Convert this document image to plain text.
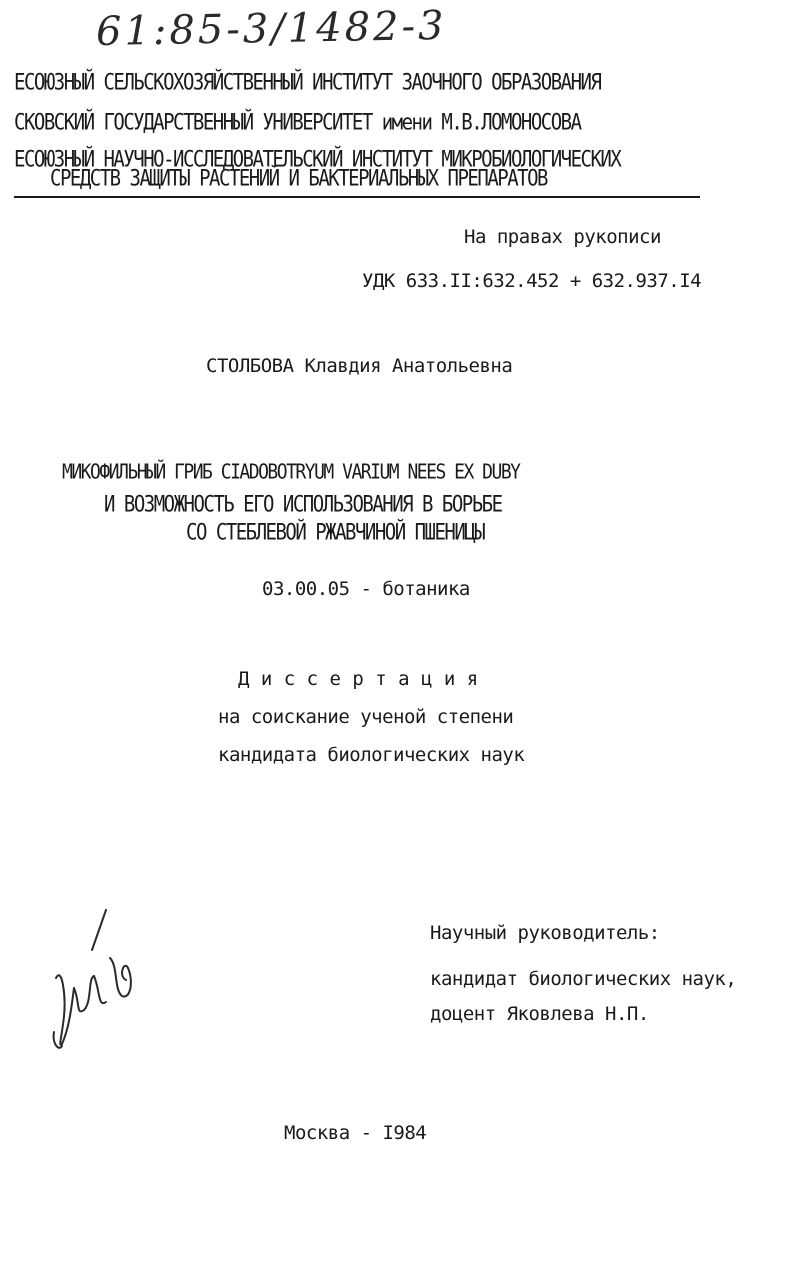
61:85-3/1482-3
ЕСОЮЗНЫЙ СЕЛЬСКОХОЗЯЙСТВЕННЫЙ ИНСТИТУТ ЗАОЧНОГО ОБРАЗОВАНИЯ
СКОВСКИЙ ГОСУДАРСТВЕННЫЙ УНИВЕРСИТЕТ имени М.В.ЛОМОНОСОВА
ЕСОЮЗНЫЙ НАУЧНО-ИССЛЕДОВАТЕЛЬСКИЙ ИНСТИТУТ МИКРОБИОЛОГИЧЕСКИХ
СРЕДСТВ ЗАЩИТЫ РАСТЕНИЙ И БАКТЕРИАЛЬНЫХ ПРЕПАРАТОВ
На правах рукописи
УДК 633.II:632.452 + 632.937.I4
СТОЛБОВА Клавдия Анатольевна
МИКОФИЛЬНЫЙ ГРИБ CIADOBOTRYUM VARIUM NEES EX DUBY
И ВОЗМОЖНОСТЬ ЕГО ИСПОЛЬЗОВАНИЯ В БОРЬБЕ
СО СТЕБЛЕВОЙ РЖАВЧИНОЙ ПШЕНИЦЫ
03.00.05 - ботаника
Д и с с е р т а ц и я
на соискание ученой степени
кандидата биологических наук
Научный руководитель:
кандидат биологических наук,
доцент Яковлева Н.П.
Москва - I984
